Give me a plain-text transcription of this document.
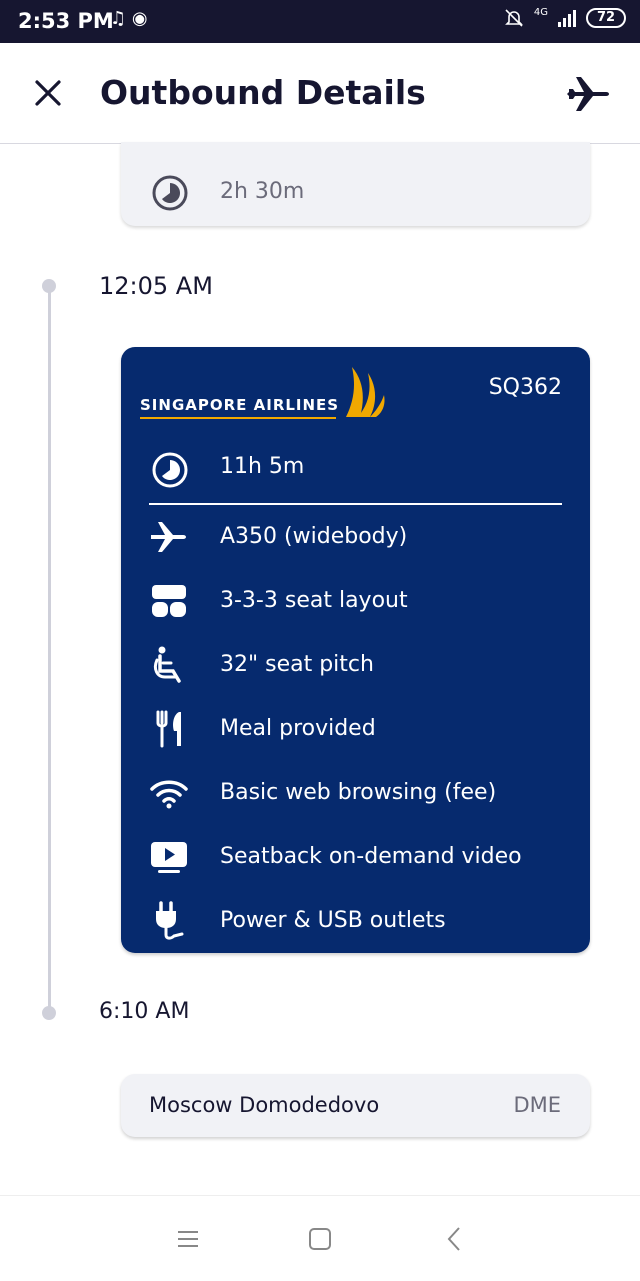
2:53 PM
♫ ◉	4G	72
Outbound Details
2h 30m
12:05 AM
SINGAPORE AIRLINES
SQ362
11h 5m
A350 (widebody)
3-3-3 seat layout
32" seat pitch
Meal provided
Basic web browsing (fee)
Seatback on-demand video
Power & USB outlets
6:10 AM
Moscow Domodedovo	DME
